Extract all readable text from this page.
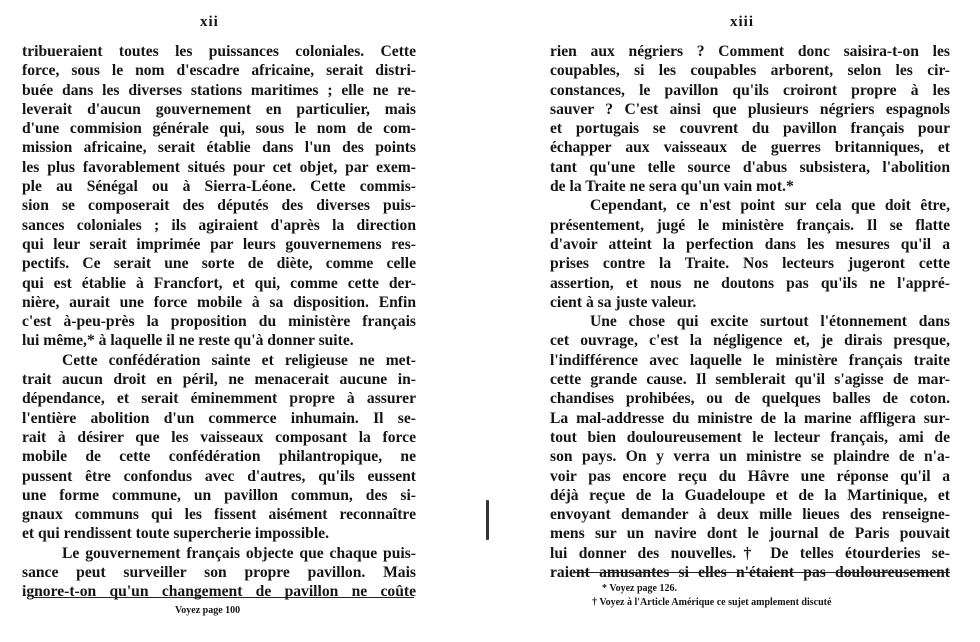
xii
tribueraient toutes les puissances coloniales. Cette
force, sous le nom d'escadre africaine, serait distri-
buée dans les diverses stations maritimes ; elle ne re-
leverait d'aucun gouvernement en particulier, mais
d'une commision générale qui, sous le nom de com-
mission africaine, serait établie dans l'un des points
les plus favorablement situés pour cet objet, par exem-
ple au Sénégal ou à Sierra-Léone. Cette commis-
sion se composerait des députés des diverses puis-
sances coloniales ; ils agiraient d'après la direction
qui leur serait imprimée par leurs gouvernemens res-
pectifs. Ce serait une sorte de diète, comme celle
qui est établie à Francfort, et qui, comme cette der-
nière, aurait une force mobile à sa disposition. Enfin
c'est à-peu-près la proposition du ministère français
lui même,* à laquelle il ne reste qu'à donner suite.
Cette confédération sainte et religieuse ne met-
trait aucun droit en péril, ne menacerait aucune in-
dépendance, et serait éminemment propre à assurer
l'entière abolition d'un commerce inhumain. Il se-
rait à désirer que les vaisseaux composant la force
mobile de cette confédération philantropique, ne
pussent être confondus avec d'autres, qu'ils eussent
une forme commune, un pavillon commun, des si-
gnaux communs qui les fissent aisément reconnaître
et qui rendissent toute supercherie impossible.
Le gouvernement français objecte que chaque puis-
sance peut surveiller son propre pavillon. Mais
ignore-t-on qu'un changement de pavillon ne coûte
Voyez page 100
xiii
rien aux négriers ? Comment donc saisira-t-on les
coupables, si les coupables arborent, selon les cir-
constances, le pavillon qu'ils croiront propre à les
sauver ? C'est ainsi que plusieurs négriers espagnols
et portugais se couvrent du pavillon français pour
échapper aux vaisseaux de guerres britanniques, et
tant qu'une telle source d'abus subsistera, l'abolition
de la Traite ne sera qu'un vain mot.*
Cependant, ce n'est point sur cela que doit être,
présentement, jugé le ministère français. Il se flatte
d'avoir atteint la perfection dans les mesures qu'il a
prises contre la Traite. Nos lecteurs jugeront cette
assertion, et nous ne doutons pas qu'ils ne l'appré-
cient à sa juste valeur.
Une chose qui excite surtout l'étonnement dans
cet ouvrage, c'est la négligence et, je dirais presque,
l'indifférence avec laquelle le ministère français traite
cette grande cause. Il semblerait qu'il s'agisse de mar-
chandises prohibées, ou de quelques balles de coton.
La mal-addresse du ministre de la marine affligera sur-
tout bien douloureusement le lecteur français, ami de
son pays. On y verra un ministre se plaindre de n'a-
voir pas encore reçu du Hâvre une réponse qu'il a
déjà reçue de la Guadeloupe et de la Martinique, et
envoyant demander à deux mille lieues des renseigne-
mens sur un navire dont le journal de Paris pouvait
lui donner des nouvelles.† De telles étourderies se-
raient amusantes si elles n'étaient pas douloureusement
* Voyez page 126.
† Voyez à l'Article Amérique ce sujet amplement discuté
